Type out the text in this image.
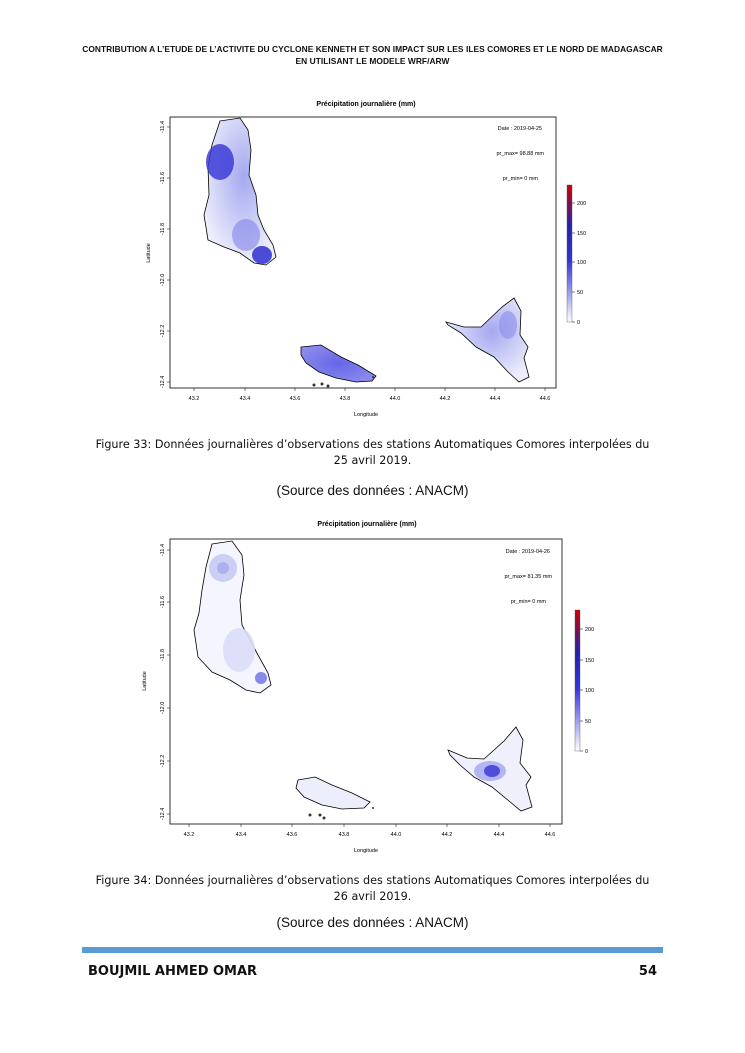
CONTRIBUTION A L’ETUDE DE L’ACTIVITE DU CYCLONE KENNETH ET SON IMPACT SUR LES ILES COMORES ET LE NORD DE MADAGASCAR
EN UTILISANT LE MODELE WRF/ARW
Précipitation journalière (mm)
Date : 2019-04-25
pr_max= 98.88 mm
pr_min= 0 mm
200
150
100
50
0
43.2	43.4	43.6	43.8	44.0	44.2	44.4	44.6
Longitude
-11.4
-11.6
-11.8
-12.0
-12.2
-12.4
Latitude
Figure 33: Données journalières d’observations des stations Automatiques Comores interpolées du
25 avril 2019.
(Source des données : ANACM)
Précipitation journalière (mm)
Date : 2019-04-26
pr_max= 81.35 mm
pr_min= 0 mm
200
150
100
50
0
43.2	43.4	43.6	43.8	44.0	44.2	44.4	44.6
Longitude
-11.4
-11.6
-11.8
-12.0
-12.2
-12.4
Latitude
Figure 34: Données journalières d’observations des stations Automatiques Comores interpolées du
26 avril 2019.
(Source des données : ANACM)
BOUJMIL AHMED OMAR	54
